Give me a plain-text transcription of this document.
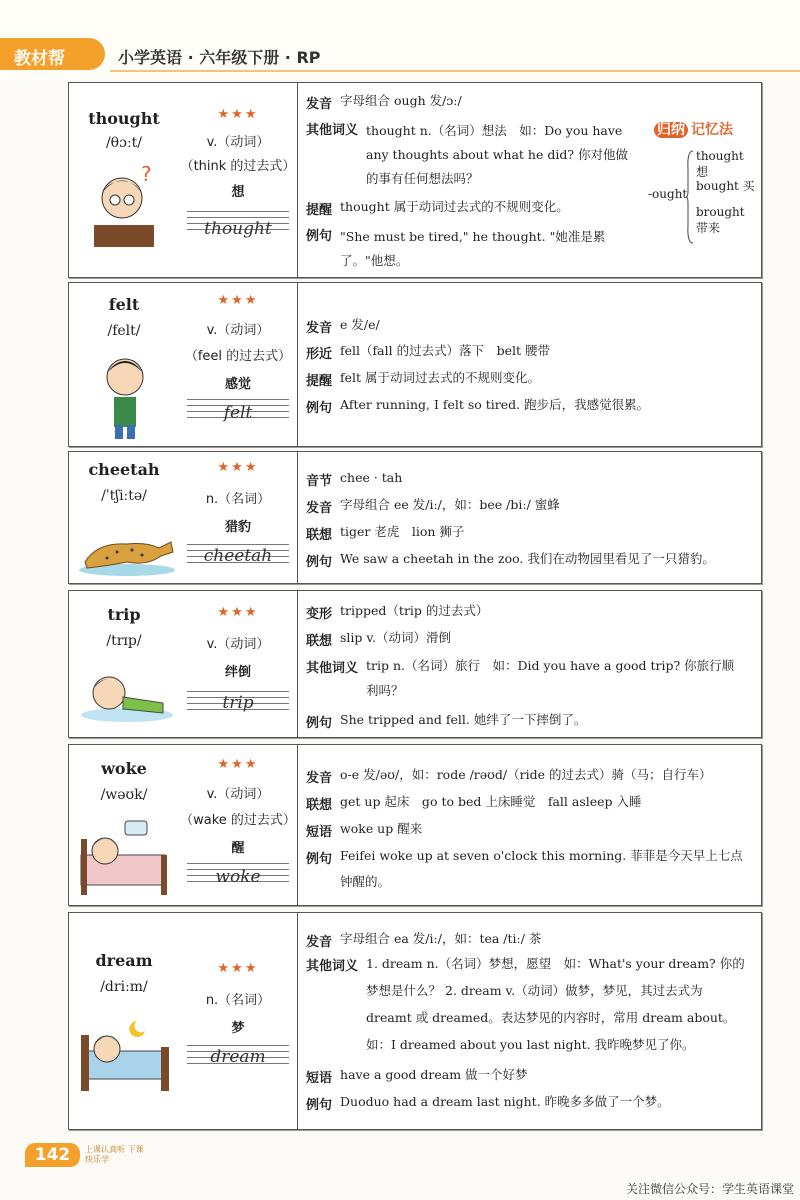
教材帮	小学英语 · 六年级下册 · RP
thought
/θɔːt/
?
★★★
v.（动词）
（think 的过去式）
想
thought
发音 字母组合 ough 发/ɔː/
其他词义 thought n.（名词）想法　如：Do you have any thoughts about what he did? 你对他做的事有任何想法吗？
提醒 thought 属于动词过去式的不规则变化。
例句 "She must be tired," he thought. "她准是累了。"他想。
归纳 记忆法
-ought
thought 想
bought 买
brought 带来
felt
/felt/
★★★
v.（动词）
（feel 的过去式）
感觉
felt
发音 e 发/e/
形近 fell（fall 的过去式）落下　belt 腰带
提醒 felt 属于动词过去式的不规则变化。
例句 After running, I felt so tired. 跑步后，我感觉很累。
cheetah
/ˈtʃiːtə/
★★★
n.（名词）
猎豹
cheetah
音节 chee · tah
发音 字母组合 ee 发/iː/，如：bee /biː/ 蜜蜂
联想 tiger 老虎　lion 狮子
例句 We saw a cheetah in the zoo. 我们在动物园里看见了一只猎豹。
trip
/trɪp/
★★★
v.（动词）
绊倒
trip
变形 tripped（trip 的过去式）
联想 slip v.（动词）滑倒
其他词义 trip n.（名词）旅行　如：Did you have a good trip? 你旅行顺利吗？
例句 She tripped and fell. 她绊了一下摔倒了。
woke
/wəʊk/
★★★
v.（动词）
（wake 的过去式）
醒
woke
发音 o-e 发/əʊ/，如：rode /rəʊd/（ride 的过去式）骑（马；自行车）
联想 get up 起床　go to bed 上床睡觉　fall asleep 入睡
短语 woke up 醒来
例句 Feifei woke up at seven o'clock this morning. 菲菲是今天早上七点钟醒的。
dream
/driːm/
★★★
n.（名词）
梦
dream
发音 字母组合 ea 发/iː/，如：tea /tiː/ 茶
其他词义 1. dream n.（名词）梦想，愿望　如：What's your dream? 你的梦想是什么？ 2. dream v.（动词）做梦，梦见，其过去式为 dreamt 或 dreamed。表达梦见的内容时，常用 dream about。如：I dreamed about you last night. 我昨晚梦见了你。
短语 have a good dream 做一个好梦
例句 Duoduo had a dream last night. 昨晚多多做了一个梦。
142	上课认真听 下课快乐学
关注微信公众号：学生英语课堂
